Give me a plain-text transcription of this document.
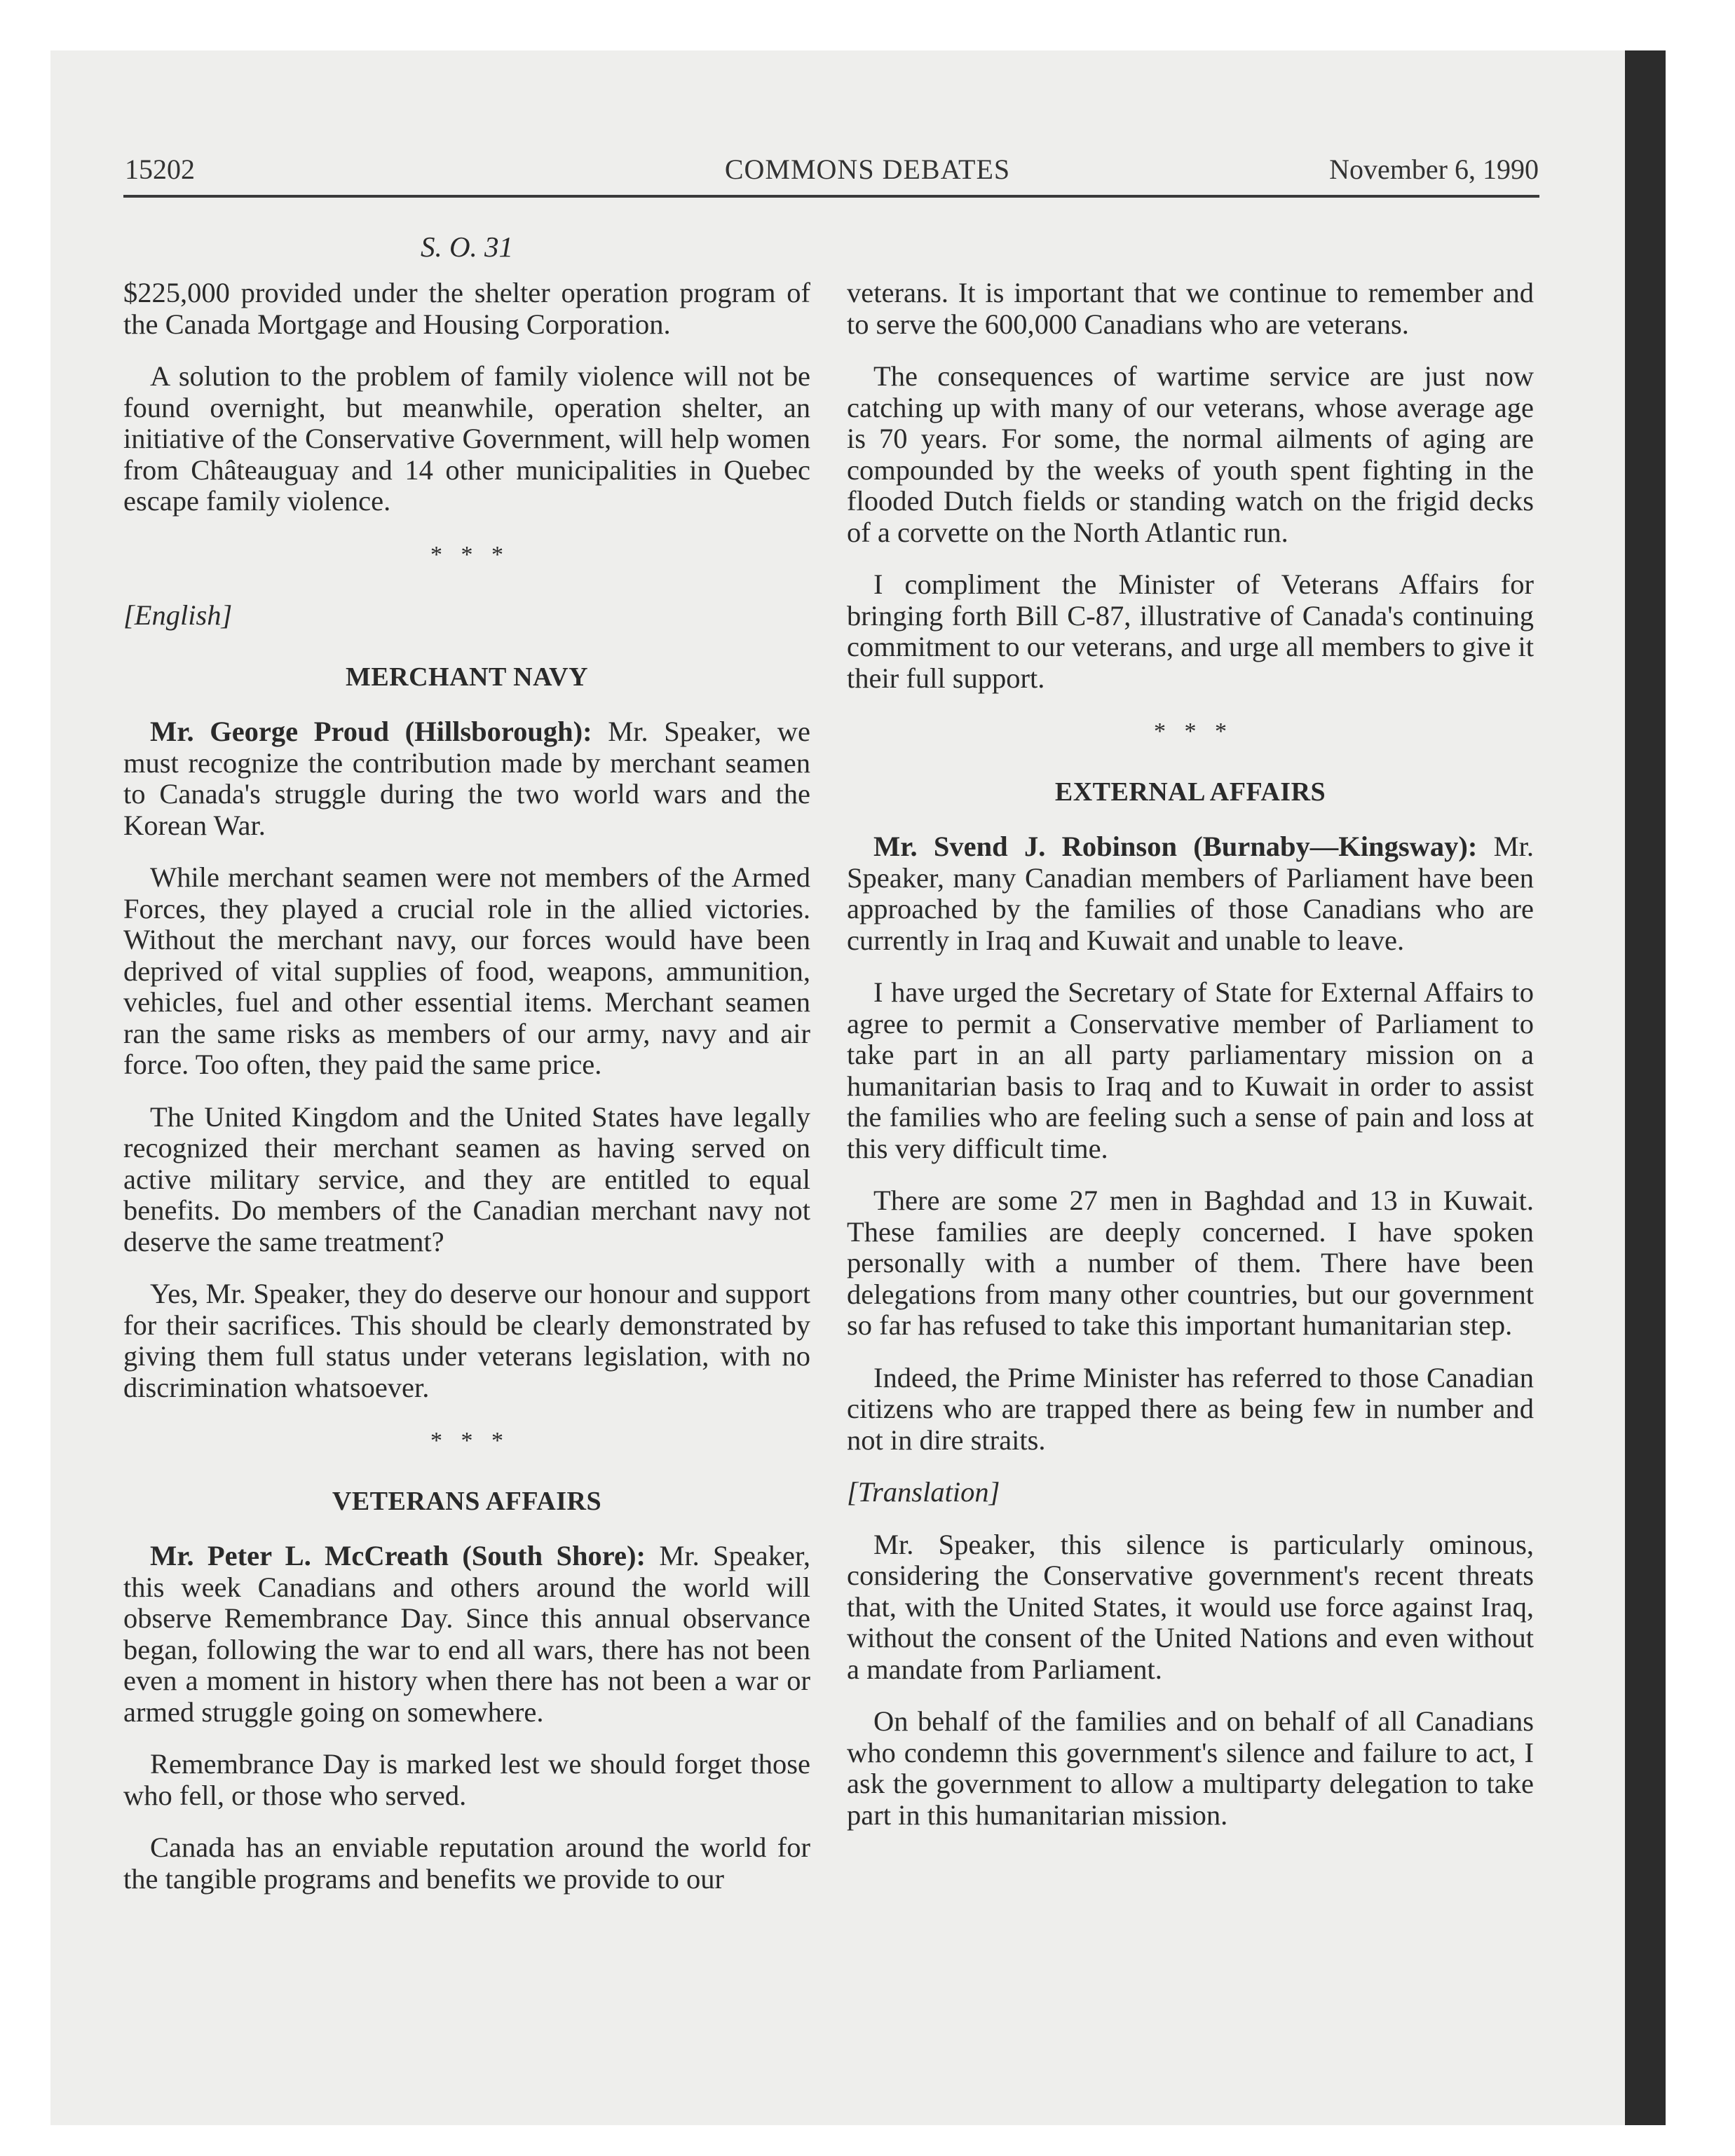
15202	COMMONS DEBATES	November 6, 1990
S. O. 31

$225,000 provided under the shelter operation program of the Canada Mortgage and Housing Corporation.

A solution to the problem of family violence will not be found overnight, but meanwhile, operation shelter, an initiative of the Conservative Government, will help women from Châteauguay and 14 other municipalities in Quebec escape family violence.

* * *
[English]
MERCHANT NAVY

Mr. George Proud (Hillsborough): Mr. Speaker, we must recognize the contribution made by merchant seamen to Canada's struggle during the two world wars and the Korean War.

While merchant seamen were not members of the Armed Forces, they played a crucial role in the allied victories. Without the merchant navy, our forces would have been deprived of vital supplies of food, weapons, ammunition, vehicles, fuel and other essential items. Merchant seamen ran the same risks as members of our army, navy and air force. Too often, they paid the same price.

The United Kingdom and the United States have legally recognized their merchant seamen as having served on active military service, and they are entitled to equal benefits. Do members of the Canadian merchant navy not deserve the same treatment?

Yes, Mr. Speaker, they do deserve our honour and support for their sacrifices. This should be clearly demonstrated by giving them full status under veterans legislation, with no discrimination whatsoever.

* * *
VETERANS AFFAIRS

Mr. Peter L. McCreath (South Shore): Mr. Speaker, this week Canadians and others around the world will observe Remembrance Day. Since this annual observance began, following the war to end all wars, there has not been even a moment in history when there has not been a war or armed struggle going on somewhere.

Remembrance Day is marked lest we should forget those who fell, or those who served.

Canada has an enviable reputation around the world for the tangible programs and benefits we provide to our

veterans. It is important that we continue to remember and to serve the 600,000 Canadians who are veterans.

The consequences of wartime service are just now catching up with many of our veterans, whose average age is 70 years. For some, the normal ailments of aging are compounded by the weeks of youth spent fighting in the flooded Dutch fields or standing watch on the frigid decks of a corvette on the North Atlantic run.

I compliment the Minister of Veterans Affairs for bringing forth Bill C-87, illustrative of Canada's continuing commitment to our veterans, and urge all members to give it their full support.

* * *
EXTERNAL AFFAIRS

Mr. Svend J. Robinson (Burnaby—Kingsway): Mr. Speaker, many Canadian members of Parliament have been approached by the families of those Canadians who are currently in Iraq and Kuwait and unable to leave.

I have urged the Secretary of State for External Affairs to agree to permit a Conservative member of Parliament to take part in an all party parliamentary mission on a humanitarian basis to Iraq and to Kuwait in order to assist the families who are feeling such a sense of pain and loss at this very difficult time.

There are some 27 men in Baghdad and 13 in Kuwait. These families are deeply concerned. I have spoken personally with a number of them. There have been delegations from many other countries, but our government so far has refused to take this important humanitarian step.

Indeed, the Prime Minister has referred to those Canadian citizens who are trapped there as being few in number and not in dire straits.

[Translation]

Mr. Speaker, this silence is particularly ominous, considering the Conservative government's recent threats that, with the United States, it would use force against Iraq, without the consent of the United Nations and even without a mandate from Parliament.

On behalf of the families and on behalf of all Canadians who condemn this government's silence and failure to act, I ask the government to allow a multiparty delegation to take part in this humanitarian mission.
